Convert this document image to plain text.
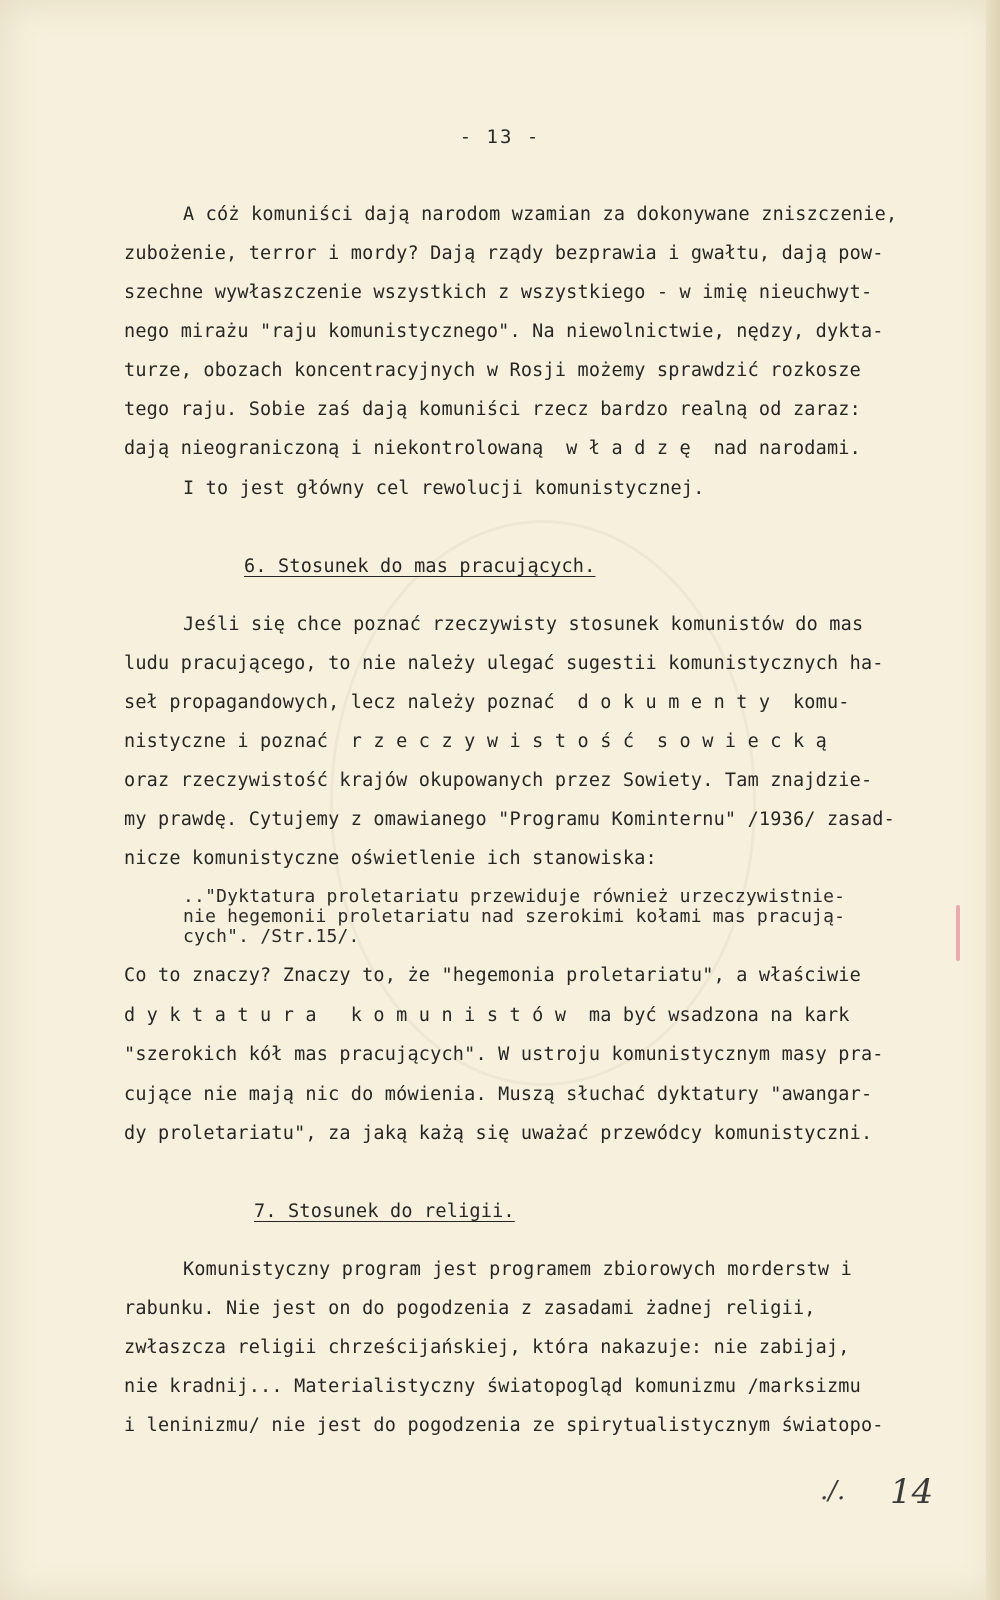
- 13 -
A cóż komuniści dają narodom wzamian za dokonywane zniszczenie,
zubożenie, terror i mordy? Dają rządy bezprawia i gwałtu, dają pow-
szechne wywłaszczenie wszystkich z wszystkiego - w imię nieuchwyt-
nego mirażu "raju komunistycznego". Na niewolnictwie, nędzy, dykta-
turze, obozach koncentracyjnych w Rosji możemy sprawdzić rozkosze
tego raju. Sobie zaś dają komuniści rzecz bardzo realną od zaraz:
dają nieograniczoną i niekontrolowaną  w ł a d z ę  nad narodami.
I to jest główny cel rewolucji komunistycznej.
6. Stosunek do mas pracujących.
Jeśli się chce poznać rzeczywisty stosunek komunistów do mas
ludu pracującego, to nie należy ulegać sugestii komunistycznych ha-
seł propagandowych, lecz należy poznać  d o k u m e n t y  komu-
nistyczne i poznać  r z e c z y w i s t o ś ć  s o w i e c k ą
oraz rzeczywistość krajów okupowanych przez Sowiety. Tam znajdzie-
my prawdę. Cytujemy z omawianego "Programu Kominternu" /1936/ zasad-
nicze komunistyczne oświetlenie ich stanowiska:
.."Dyktatura proletariatu przewiduje również urzeczywistnie-
nie hegemonii proletariatu nad szerokimi kołami mas pracują-
cych". /Str.15/.
Co to znaczy? Znaczy to, że "hegemonia proletariatu", a właściwie
d y k t a t u r a   k o m u n i s t ó w  ma być wsadzona na kark
"szerokich kół mas pracujących". W ustroju komunistycznym masy pra-
cujące nie mają nic do mówienia. Muszą słuchać dyktatury "awangar-
dy proletariatu", za jaką każą się uważać przewódcy komunistyczni.
7. Stosunek do religii.
Komunistyczny program jest programem zbiorowych morderstw i
rabunku. Nie jest on do pogodzenia z zasadami żadnej religii,
zwłaszcza religii chrześcijańskiej, która nakazuje: nie zabijaj,
nie kradnij... Materialistyczny światopogląd komunizmu /marksizmu
i leninizmu/ nie jest do pogodzenia ze spirytualistycznym światopo-
./. 14
